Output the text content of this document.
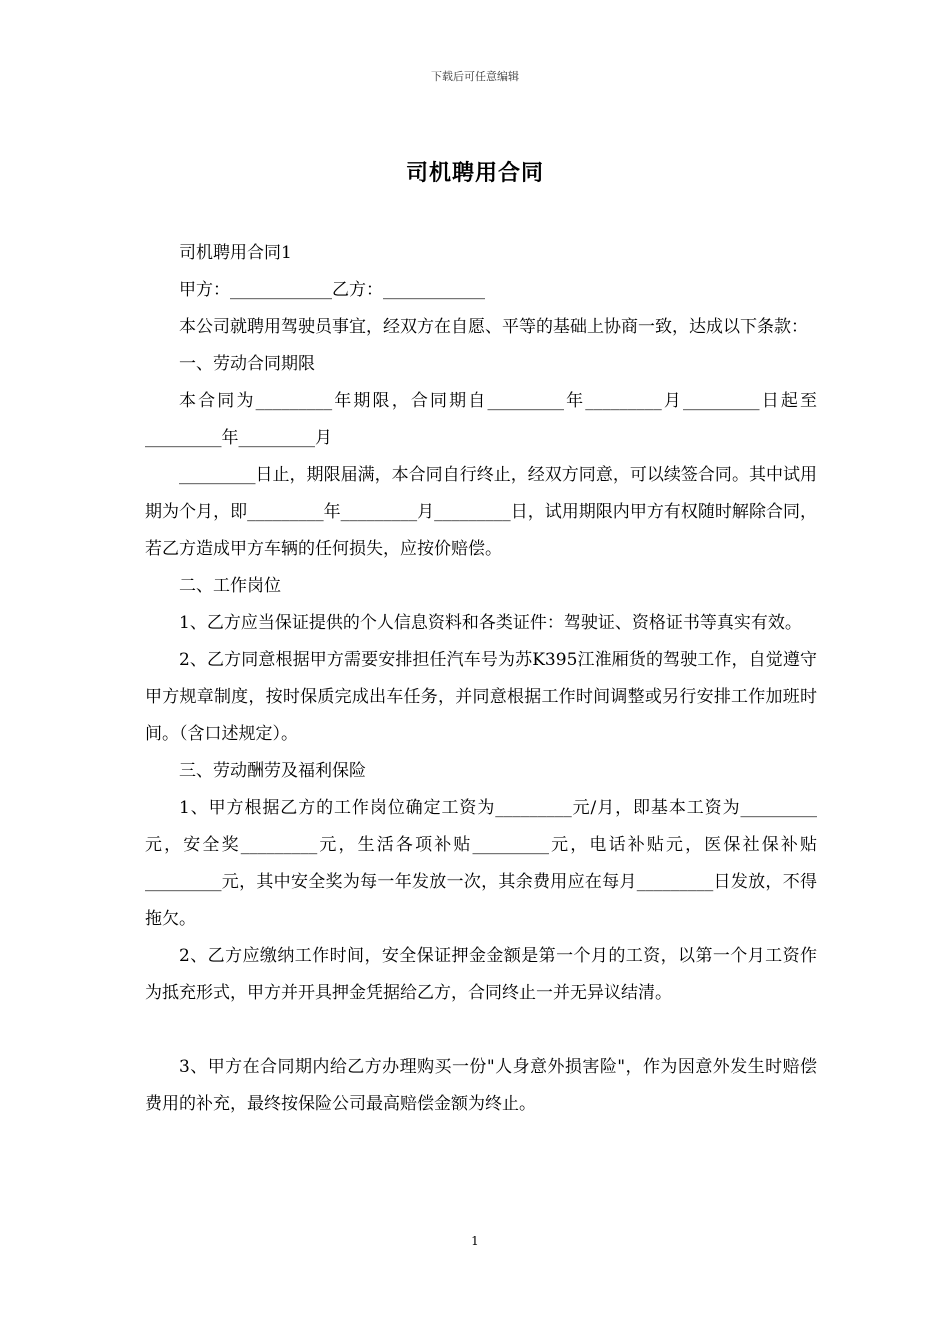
下载后可任意编辑
司机聘用合同

司机聘用合同1

甲方：____________乙方：____________

本公司就聘用驾驶员事宜，经双方在自愿、平等的基础上协商一致，达成以下条款：

一、劳动合同期限

本合同为_________年期限，合同期自_________年_________月_________日起至_________年_________月

_________日止，期限届满，本合同自行终止，经双方同意，可以续签合同。其中试用期为个月，即_________年_________月_________日，试用期限内甲方有权随时解除合同，若乙方造成甲方车辆的任何损失，应按价赔偿。

二、工作岗位

1、乙方应当保证提供的个人信息资料和各类证件：驾驶证、资格证书等真实有效。

2、乙方同意根据甲方需要安排担任汽车号为苏K395江淮厢货的驾驶工作，自觉遵守甲方规章制度，按时保质完成出车任务，并同意根据工作时间调整或另行安排工作加班时间。（含口述规定）。

三、劳动酬劳及福利保险

1、甲方根据乙方的工作岗位确定工资为_________元/月，即基本工资为_________元，安全奖_________元，生活各项补贴_________元，电话补贴元，医保社保补贴_________元，其中安全奖为每一年发放一次，其余费用应在每月_________日发放，不得拖欠。

2、乙方应缴纳工作时间，安全保证押金金额是第一个月的工资，以第一个月工资作为抵充形式，甲方并开具押金凭据给乙方，合同终止一并无异议结清。

3、甲方在合同期内给乙方办理购买一份"人身意外损害险"，作为因意外发生时赔偿费用的补充，最终按保险公司最高赔偿金额为终止。

1
